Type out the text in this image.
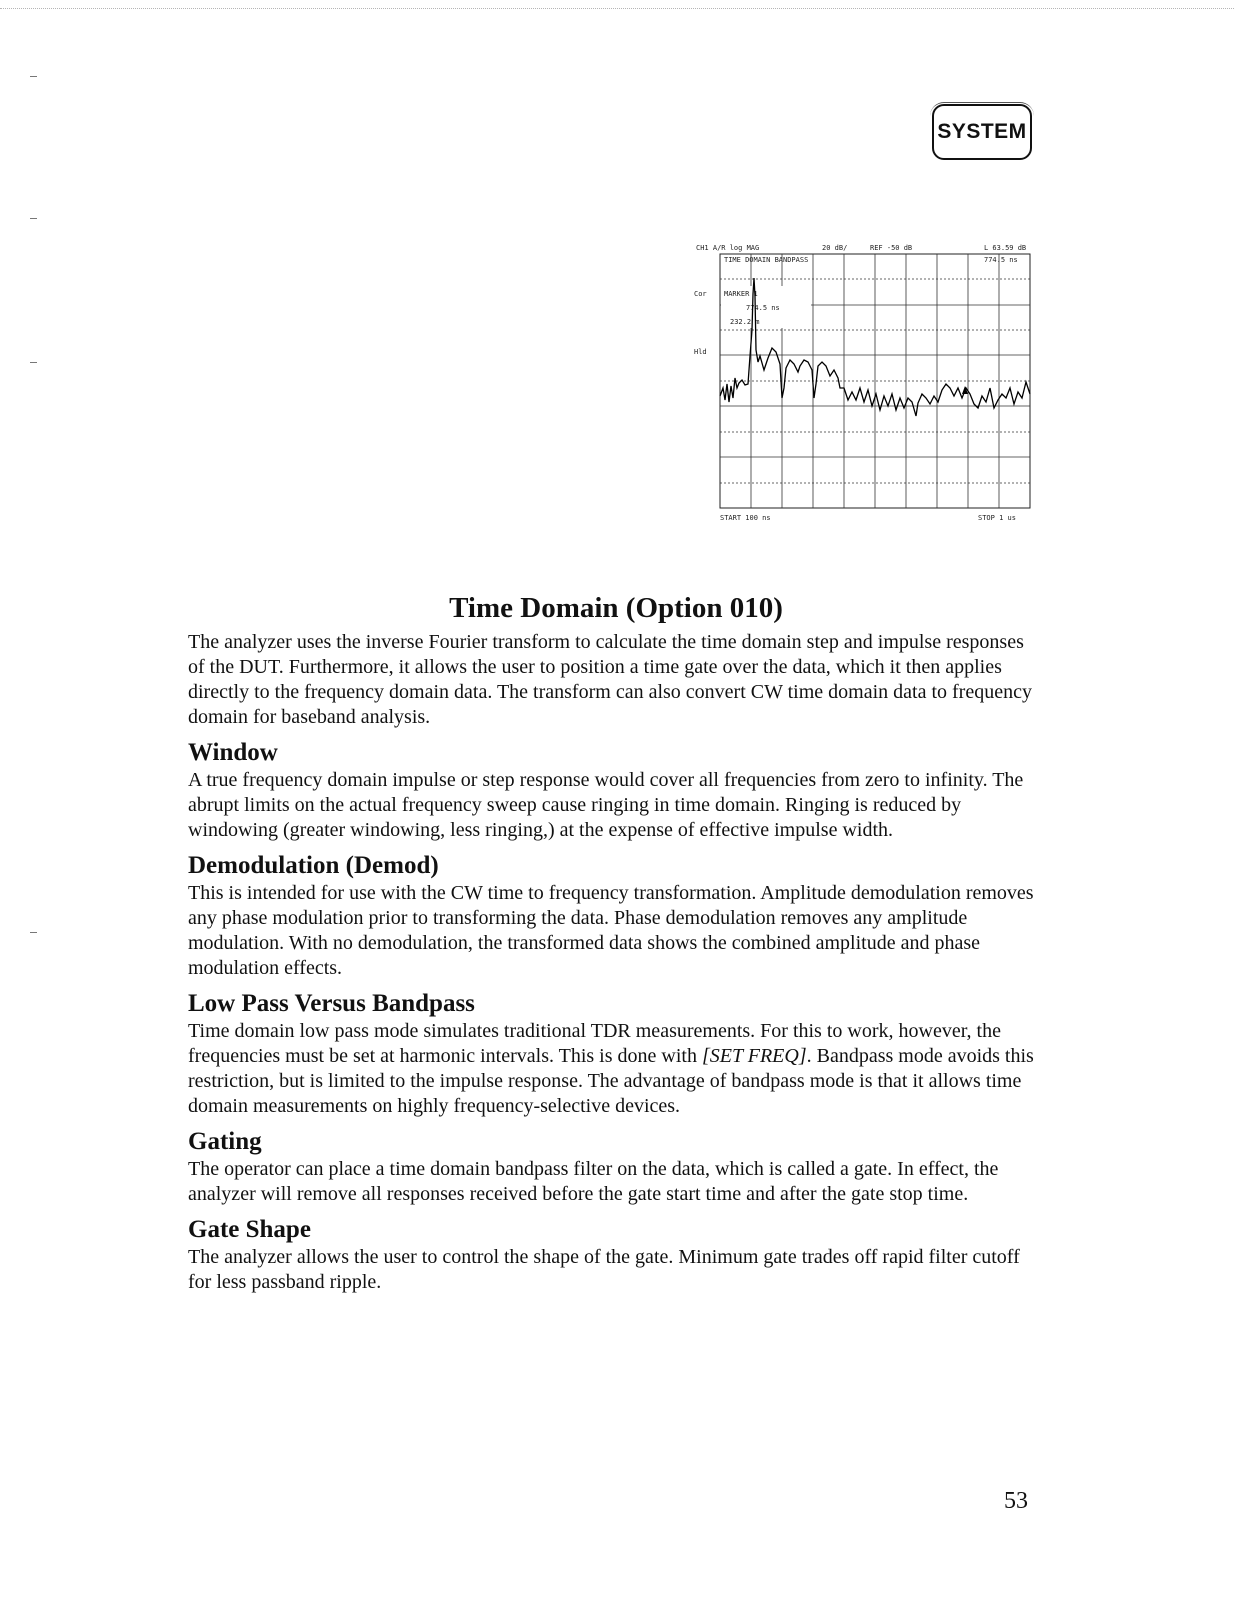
SYSTEM
CH1 A/R log MAG	20 dB/	REF -50 dB	L 63.59 dB
TIME DOMAIN BANDPASS	774.5 ns
Cor
Hld
MARKER 1
774.5 ns
232.2 m
START 100 ns	STOP 1 us
Time Domain (Option 010)

The analyzer uses the inverse Fourier transform to calculate the time domain step and impulse responses of the DUT. Furthermore, it allows the user to position a time gate over the data, which it then applies directly to the frequency domain data. The transform can also convert CW time domain data to frequency domain for baseband analysis.

Window

A true frequency domain impulse or step response would cover all frequencies from zero to infinity. The abrupt limits on the actual frequency sweep cause ringing in time domain. Ringing is reduced by windowing (greater windowing, less ringing,) at the expense of effective impulse width.

Demodulation (Demod)

This is intended for use with the CW time to frequency transformation. Amplitude demodulation removes any phase modulation prior to transforming the data. Phase demodulation removes any amplitude modulation. With no demodulation, the transformed data shows the combined amplitude and phase modulation effects.

Low Pass Versus Bandpass

Time domain low pass mode simulates traditional TDR measurements. For this to work, however, the frequencies must be set at harmonic intervals. This is done with [SET FREQ]. Bandpass mode avoids this restriction, but is limited to the impulse response. The advantage of bandpass mode is that it allows time domain measurements on highly frequency-selective devices.

Gating

The operator can place a time domain bandpass filter on the data, which is called a gate. In effect, the analyzer will remove all responses received before the gate start time and after the gate stop time.

Gate Shape

The analyzer allows the user to control the shape of the gate. Minimum gate trades off rapid filter cutoff for less passband ripple.

53
